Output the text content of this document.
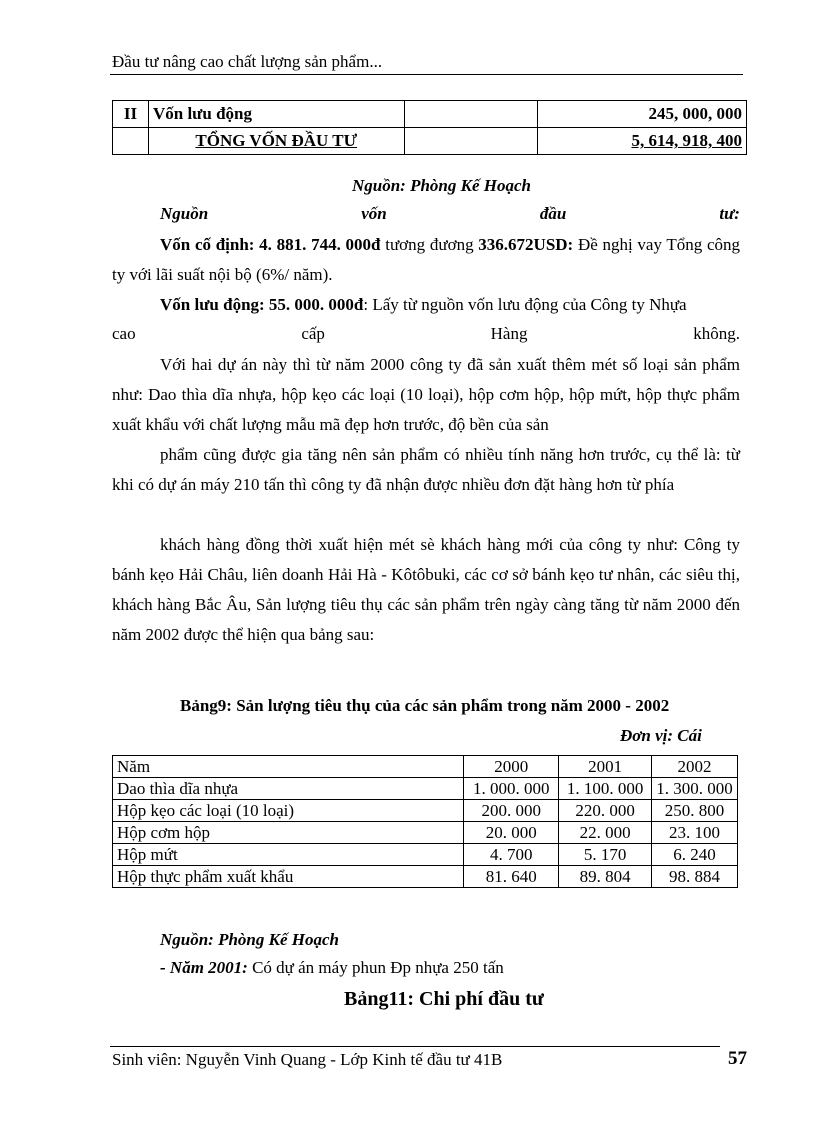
Đầu tư nâng cao chất lượng sản phẩm...
II	Vốn lưu động		245, 000, 000
	TỔNG VỐN ĐẦU TƯ		5, 614, 918, 400
Nguồn: Phòng Kế Hoạch
Nguồn	vốn	đầu	tư:
Vốn cố định: 4. 881. 744. 000đ tương đương 336.672USD: Đề nghị vay Tổng công ty với lãi suất nội bộ (6%/ năm).
Vốn lưu động: 55. 000. 000đ: Lấy từ nguồn vốn lưu động của Công ty Nhựa
cao	cấp	Hàng	không.
Với hai dự án này thì từ năm 2000 công ty đã sản xuất thêm mét số loại sản phẩm như: Dao thìa dĩa nhựa, hộp kẹo các loại (10 loại), hộp cơm hộp, hộp mứt, hộp thực phẩm xuất khẩu với chất lượng mẫu mã đẹp hơn trước, độ bền của sản
phẩm cũng được gia tăng nên sản phẩm có nhiều tính năng hơn trước, cụ thể là: từ khi có dự án máy 210 tấn thì công ty đã nhận được nhiều đơn đặt hàng hơn từ phía
khách hàng đồng thời xuất hiện mét sè khách hàng mới của công ty như: Công ty bánh kẹo Hải Châu, liên doanh Hải Hà - Kôtôbuki, các cơ sở bánh kẹo tư nhân, các siêu thị, khách hàng Bắc Âu, Sản lượng tiêu thụ các sản phẩm trên ngày càng tăng từ năm 2000 đến năm 2002 được thể hiện qua bảng sau:
Bảng9: Sản lượng tiêu thụ của các sản phẩm trong năm 2000 - 2002
Đơn vị: Cái
Năm	2000	2001	2002
Dao thìa dĩa nhựa	1. 000. 000	1. 100. 000	1. 300. 000
Hộp kẹo các loại (10 loại)	200. 000	220. 000	250. 800
Hộp cơm hộp	20. 000	22. 000	23. 100
Hộp mứt	4. 700	5. 170	6. 240
Hộp thực phẩm xuất khẩu	81. 640	89. 804	98. 884
Nguồn: Phòng Kế Hoạch
- Năm 2001: Có dự án máy phun Đp nhựa 250 tấn
Bảng11: Chi phí đầu tư
Sinh viên: Nguyễn Vinh Quang - Lớp Kinh tế đầu tư 41B	57
